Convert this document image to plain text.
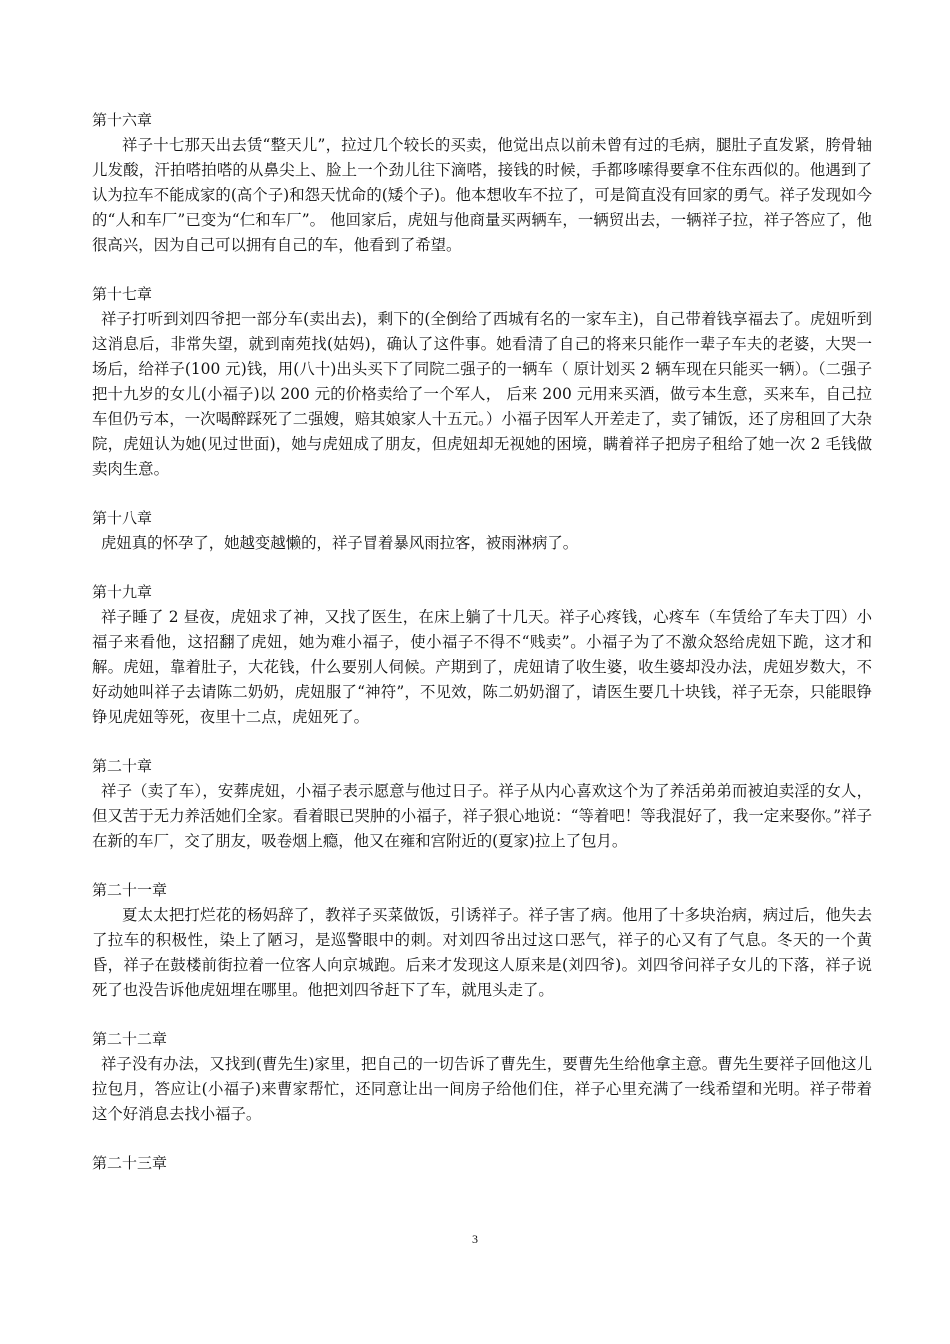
第十六章

祥子十七那天出去赁“整天儿”，拉过几个较长的买卖，他觉出点以前未曾有过的毛病，腿肚子直发紧，胯骨轴儿发酸，汗拍嗒拍嗒的从鼻尖上、脸上一个劲儿往下滴嗒，接钱的时候，手都哆嗦得要拿不住东西似的。他遇到了认为拉车不能成家的(高个子)和怨天忧命的(矮个子)。他本想收车不拉了，可是简直没有回家的勇气。祥子发现如今的“人和车厂”已变为“仁和车厂”。 他回家后，虎妞与他商量买两辆车，一辆贸出去，一辆祥子拉，祥子答应了，他很高兴，因为自己可以拥有自己的车，他看到了希望。

第十七章

祥子打听到刘四爷把一部分车(卖出去)，剩下的(全倒给了西城有名的一家车主)，自己带着钱享福去了。虎妞听到这消息后，非常失望，就到南苑找(姑妈)，确认了这件事。她看清了自己的将来只能作一辈子车夫的老婆，大哭一场后，给祥子(100 元)钱，用(八十)出头买下了同院二强子的一辆车（ 原计划买 2 辆车现在只能买一辆）。（二强子把十九岁的女儿(小福子)以 200 元的价格卖给了一个军人， 后来 200 元用来买酒，做亏本生意，买来车，自己拉车但仍亏本，一次喝醉踩死了二强嫂，赔其娘家人十五元。）小福子因军人开差走了，卖了铺饭，还了房租回了大杂院，虎妞认为她(见过世面)，她与虎妞成了朋友，但虎妞却无视她的困境，瞒着祥子把房子租给了她一次 2 毛钱做卖肉生意。

第十八章

虎妞真的怀孕了，她越变越懒的，祥子冒着暴风雨拉客，被雨淋病了。

第十九章

祥子睡了 2 昼夜，虎妞求了神，又找了医生，在床上躺了十几天。祥子心疼钱，心疼车（车赁给了车夫丁四）小福子来看他，这招翻了虎妞，她为难小福子，使小福子不得不“贱卖”。小福子为了不激众怒给虎妞下跪，这才和解。虎妞，靠着肚子，大花钱，什么要别人伺候。产期到了，虎妞请了收生婆，收生婆却没办法，虎妞岁数大，不好动她叫祥子去请陈二奶奶，虎妞服了“神符”，不见效，陈二奶奶溜了，请医生要几十块钱，祥子无奈，只能眼铮铮见虎妞等死，夜里十二点，虎妞死了。

第二十章

祥子（卖了车），安葬虎妞，小福子表示愿意与他过日子。祥子从内心喜欢这个为了养活弟弟而被迫卖淫的女人，但又苦于无力养活她们全家。看着眼已哭肿的小福子，祥子狠心地说：“等着吧！等我混好了，我一定来娶你。”祥子在新的车厂，交了朋友，吸卷烟上瘾，他又在雍和宫附近的(夏家)拉上了包月。

第二十一章

夏太太把打烂花的杨妈辞了，教祥子买菜做饭，引诱祥子。祥子害了病。他用了十多块治病，病过后，他失去了拉车的积极性，染上了陋习，是巡警眼中的刺。对刘四爷出过这口恶气，祥子的心又有了气息。冬天的一个黄昏，祥子在鼓楼前街拉着一位客人向京城跑。后来才发现这人原来是(刘四爷)。刘四爷问祥子女儿的下落，祥子说死了也没告诉他虎妞埋在哪里。他把刘四爷赶下了车，就甩头走了。

第二十二章

祥子没有办法，又找到(曹先生)家里，把自己的一切告诉了曹先生，要曹先生给他拿主意。曹先生要祥子回他这儿拉包月，答应让(小福子)来曹家帮忙，还同意让出一间房子给他们住，祥子心里充满了一线希望和光明。祥子带着这个好消息去找小福子。

第二十三章
3
